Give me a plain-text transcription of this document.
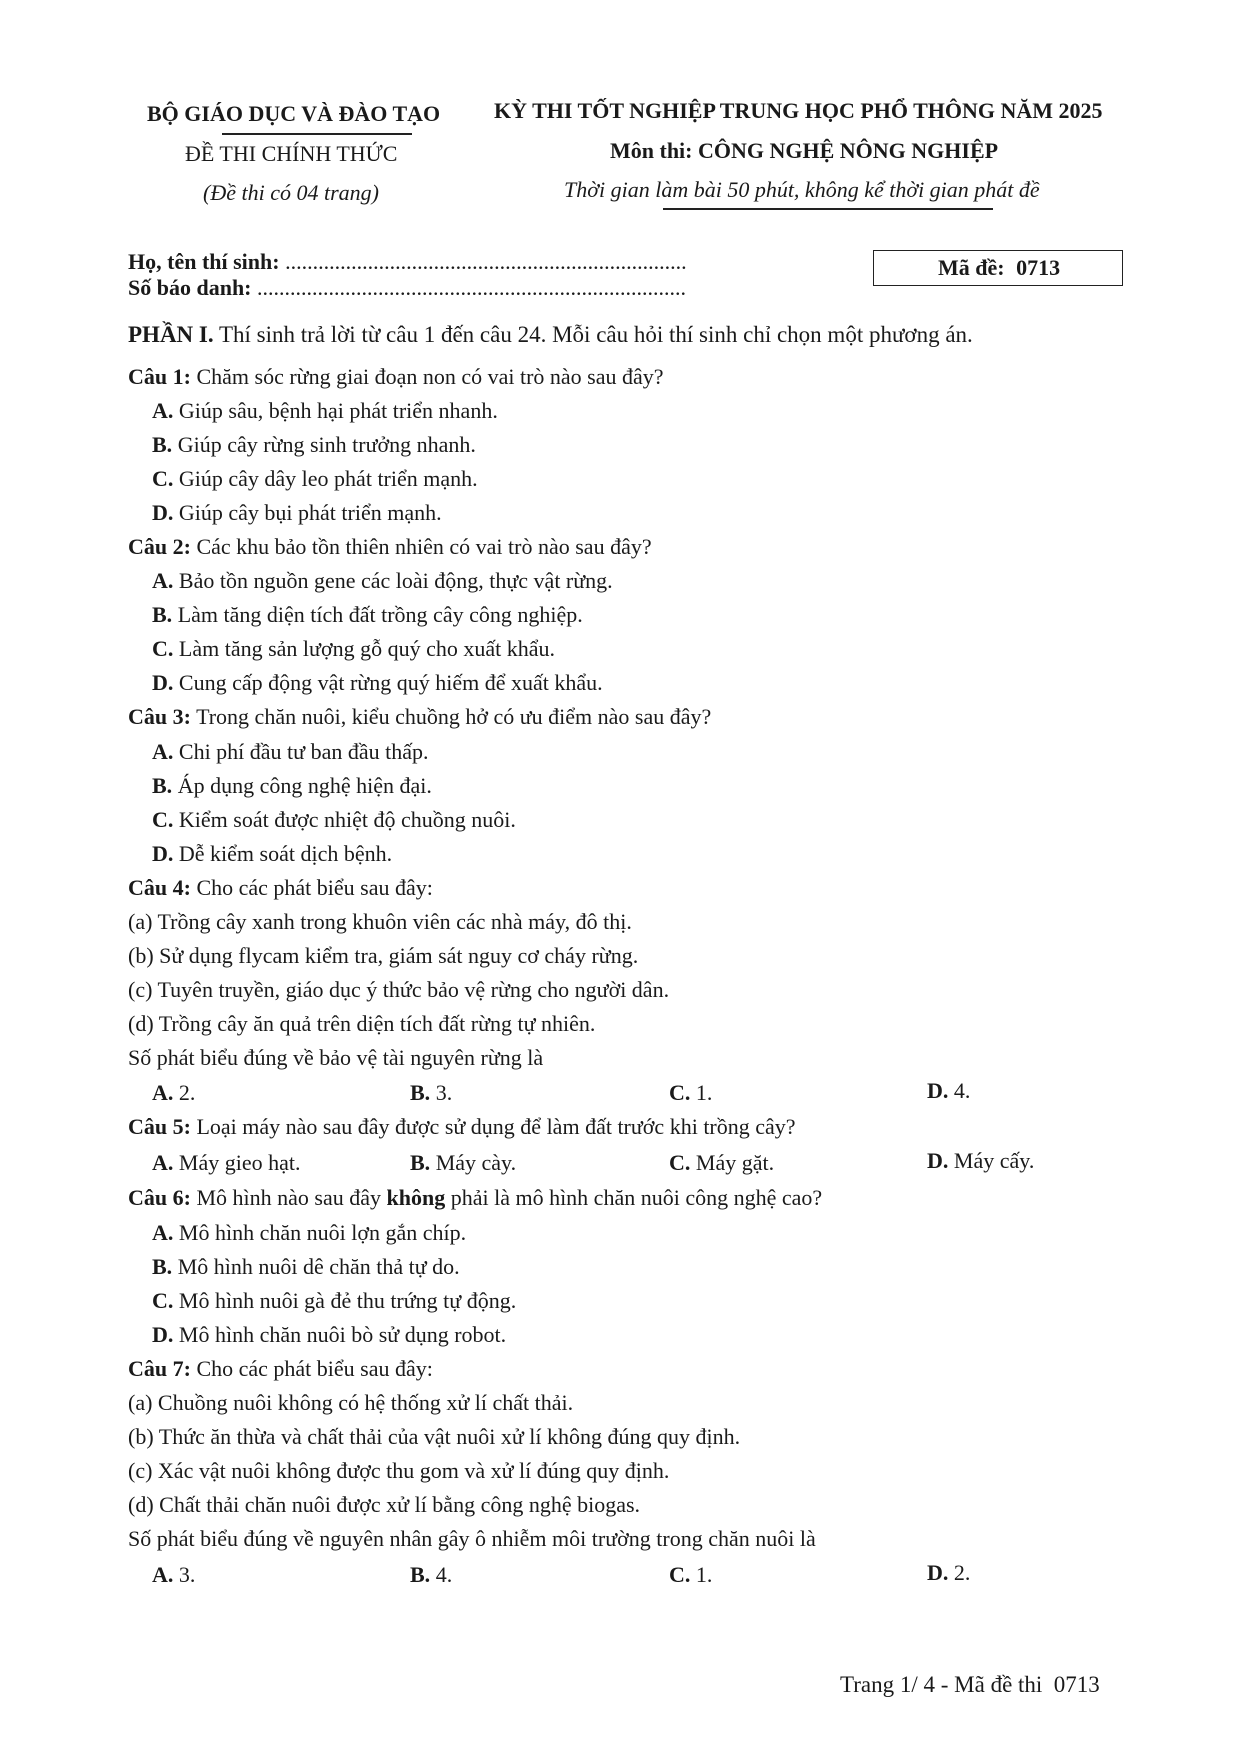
BỘ GIÁO DỤC VÀ ĐÀO TẠO
ĐỀ THI CHÍNH THỨC
(Đề thi có 04 trang)
KỲ THI TỐT NGHIỆP TRUNG HỌC PHỔ THÔNG NĂM 2025
Môn thi: CÔNG NGHỆ NÔNG NGHIỆP
Thời gian làm bài 50 phút, không kể thời gian phát đề
Họ, tên thí sinh: .........................................................................
Số báo danh: ..............................................................................
Mã đề: 0713
PHẦN I. Thí sinh trả lời từ câu 1 đến câu 24. Mỗi câu hỏi thí sinh chỉ chọn một phương án.
Câu 1: Chăm sóc rừng giai đoạn non có vai trò nào sau đây?
A. Giúp sâu, bệnh hại phát triển nhanh.
B. Giúp cây rừng sinh trưởng nhanh.
C. Giúp cây dây leo phát triển mạnh.
D. Giúp cây bụi phát triển mạnh.
Câu 2: Các khu bảo tồn thiên nhiên có vai trò nào sau đây?
A. Bảo tồn nguồn gene các loài động, thực vật rừng.
B. Làm tăng diện tích đất trồng cây công nghiệp.
C. Làm tăng sản lượng gỗ quý cho xuất khẩu.
D. Cung cấp động vật rừng quý hiếm để xuất khẩu.
Câu 3: Trong chăn nuôi, kiểu chuồng hở có ưu điểm nào sau đây?
A. Chi phí đầu tư ban đầu thấp.
B. Áp dụng công nghệ hiện đại.
C. Kiểm soát được nhiệt độ chuồng nuôi.
D. Dễ kiểm soát dịch bệnh.
Câu 4: Cho các phát biểu sau đây:
(a) Trồng cây xanh trong khuôn viên các nhà máy, đô thị.
(b) Sử dụng flycam kiểm tra, giám sát nguy cơ cháy rừng.
(c) Tuyên truyền, giáo dục ý thức bảo vệ rừng cho người dân.
(d) Trồng cây ăn quả trên diện tích đất rừng tự nhiên.
Số phát biểu đúng về bảo vệ tài nguyên rừng là
A. 2.	B. 3.	C. 1.	D. 4.
Câu 5: Loại máy nào sau đây được sử dụng để làm đất trước khi trồng cây?
A. Máy gieo hạt.	B. Máy cày.	C. Máy gặt.	D. Máy cấy.
Câu 6: Mô hình nào sau đây không phải là mô hình chăn nuôi công nghệ cao?
A. Mô hình chăn nuôi lợn gắn chíp.
B. Mô hình nuôi dê chăn thả tự do.
C. Mô hình nuôi gà đẻ thu trứng tự động.
D. Mô hình chăn nuôi bò sử dụng robot.
Câu 7: Cho các phát biểu sau đây:
(a) Chuồng nuôi không có hệ thống xử lí chất thải.
(b) Thức ăn thừa và chất thải của vật nuôi xử lí không đúng quy định.
(c) Xác vật nuôi không được thu gom và xử lí đúng quy định.
(d) Chất thải chăn nuôi được xử lí bằng công nghệ biogas.
Số phát biểu đúng về nguyên nhân gây ô nhiễm môi trường trong chăn nuôi là
A. 3.	B. 4.	C. 1.	D. 2.
Trang 1/ 4 - Mã đề thi  0713
